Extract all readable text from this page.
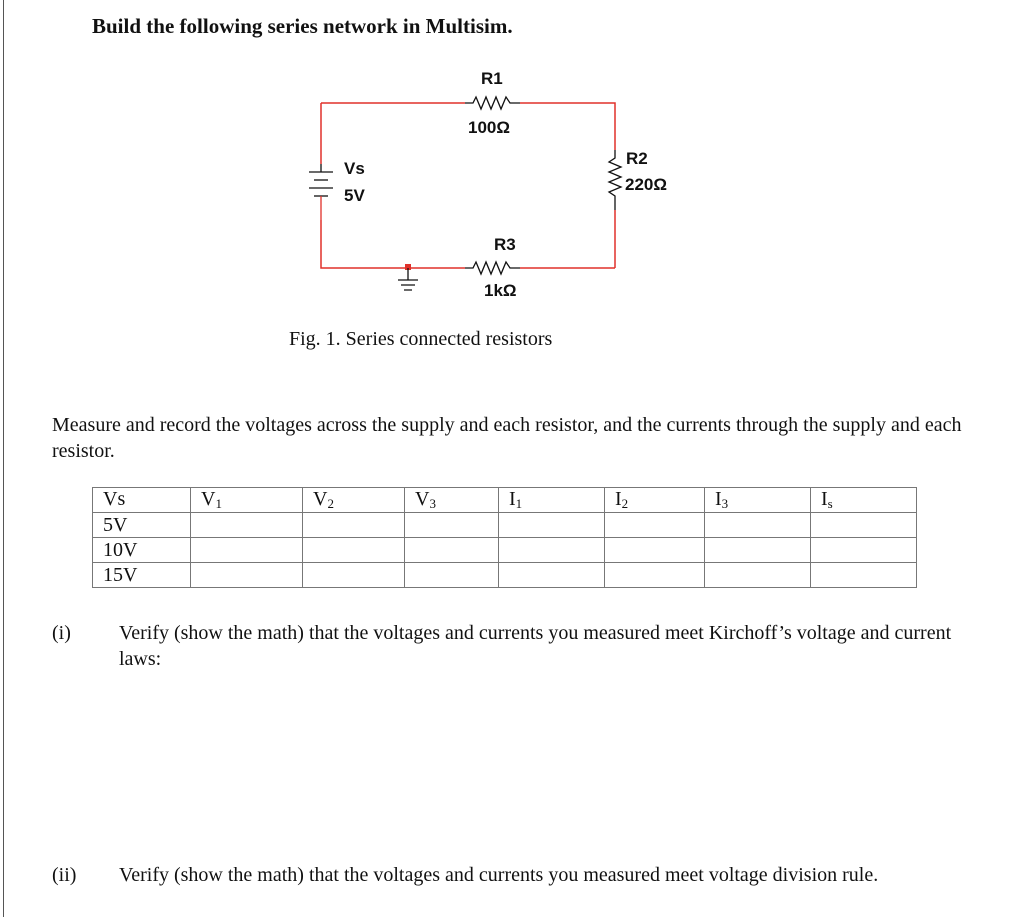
Build the following series network in Multisim.
R1
100Ω
R2
220Ω
R3
1kΩ
Vs
5V
Fig. 1. Series connected resistors
Measure and record the voltages across the supply and each resistor, and the currents through the supply and each resistor.
Vs	$V_1$	$V_2$	$V_3$	$I_1$	$I_2$	$I_3$	$I_s$
5V							
10V							
15V							
(i) Verify (show the math) that the voltages and currents you measured meet Kirchoff’s voltage and current laws:
(ii) Verify (show the math) that the voltages and currents you measured meet voltage division rule.
